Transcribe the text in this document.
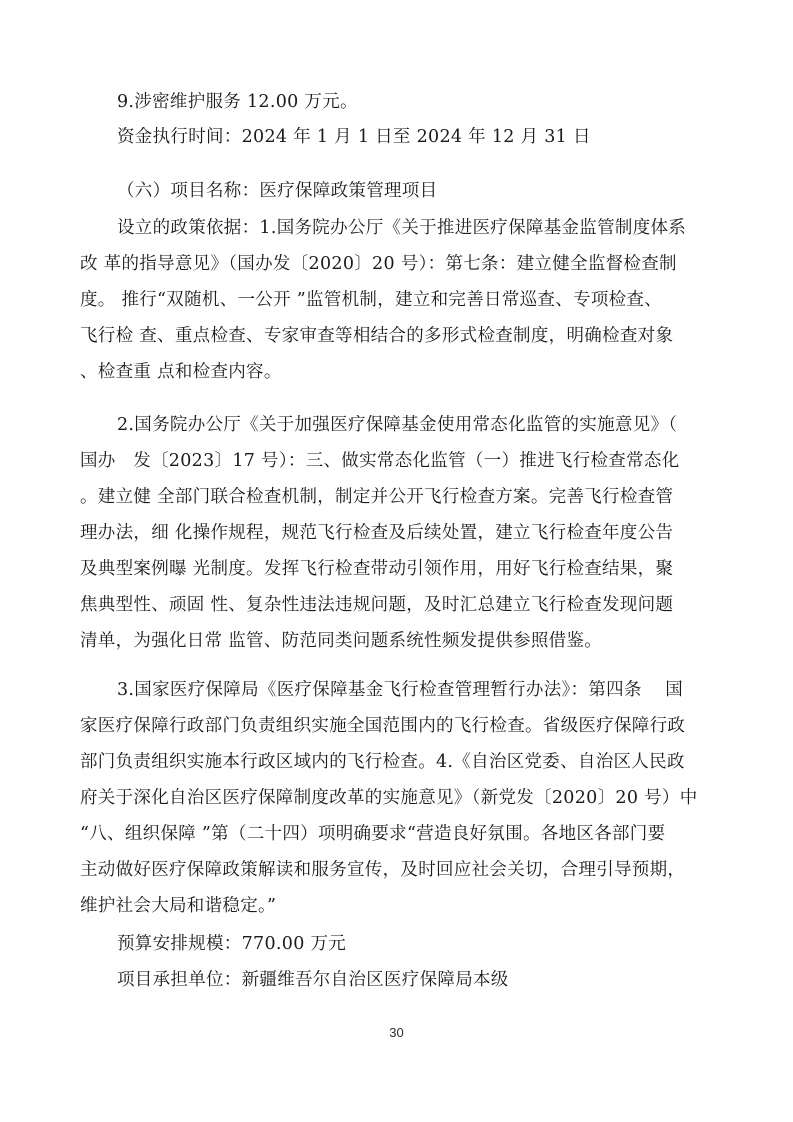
9.涉密维护服务 12.00 万元。
资金执行时间：2024 年 1 月 1 日至 2024 年 12 月 31 日
（六）项目名称：医疗保障政策管理项目
设立的政策依据：1.国务院办公厅《关于推进医疗保障基金监管制度体系
改 革的指导意见》（国办发〔2020〕20 号）：第七条：建立健全监督检查制
度。 推行“双随机、一公开 ”监管机制，建立和完善日常巡查、专项检查、
飞行检 查、重点检查、专家审查等相结合的多形式检查制度，明确检查对象
、检查重 点和检查内容。
2.国务院办公厅《关于加强医疗保障基金使用常态化监管的实施意见》（
国办   发〔2023〕17 号）：三、做实常态化监管（一）推进飞行检查常态化
。建立健 全部门联合检查机制，制定并公开飞行检查方案。完善飞行检查管
理办法，细 化操作规程，规范飞行检查及后续处置，建立飞行检查年度公告
及典型案例曝 光制度。发挥飞行检查带动引领作用，用好飞行检查结果，聚
焦典型性、顽固 性、复杂性违法违规问题，及时汇总建立飞行检查发现问题
清单，为强化日常 监管、防范同类问题系统性频发提供参照借鉴。
3.国家医疗保障局《医疗保障基金飞行检查管理暂行办法》：第四条    国
家医疗保障行政部门负责组织实施全国范围内的飞行检查。省级医疗保障行政
部门负责组织实施本行政区域内的飞行检查。4.《自治区党委、自治区人民政
府关于深化自治区医疗保障制度改革的实施意见》（新党发〔2020〕20 号）中
“八、组织保障 ”第（二十四）项明确要求“营造良好氛围。各地区各部门要
主动做好医疗保障政策解读和服务宣传，及时回应社会关切，合理引导预期，
维护社会大局和谐稳定。”
预算安排规模：770.00 万元
项目承担单位：新疆维吾尔自治区医疗保障局本级
30
